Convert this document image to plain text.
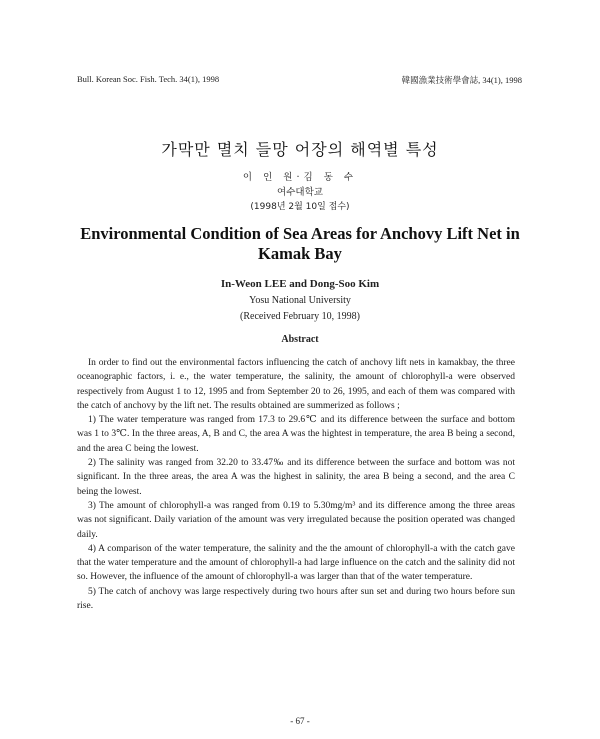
Bull. Korean Soc. Fish. Tech. 34(1), 1998	韓國漁業技術學會誌, 34(1), 1998
가막만 멸치 들망 어장의 해역별 특성
이 인 원·김 동 수
여수대학교
(1998년 2월 10일 접수)
Environmental Condition of Sea Areas for Anchovy Lift Net in Kamak Bay
In-Weon LEE and Dong-Soo Kim
Yosu National University
(Received February 10, 1998)
Abstract

In order to find out the environmental factors influencing the catch of anchovy lift nets in kamakbay, the three oceanographic factors, i. e., the water temperature, the salinity, the amount of chlorophyll-a were observed respectively from August 1 to 12, 1995 and from September 20 to 26, 1995, and each of them was compared with the catch of anchovy by the lift net. The results obtained are summerized as follows ;

1) The water temperature was ranged from 17.3 to 29.6℃ and its difference between the surface and bottom was 1 to 3℃. In the three areas, A, B and C, the area A was the hightest in temperature, the area B being a second, and the area C being the lowest.

2) The salinity was ranged from 32.20 to 33.47‰ and its difference between the surface and bottom was not significant. In the three areas, the area A was the highest in salinity, the area B being a second, and the area C being the lowest.

3) The amount of chlorophyll-a was ranged from 0.19 to 5.30mg/m³ and its difference among the three areas was not significant. Daily variation of the amount was very irregulated because the position operated was changed daily.

4) A comparison of the water temperature, the salinity and the the amount of chlorophyll-a with the catch gave that the water temperature and the amount of chlorophyll-a had large influence on the catch and the salinity did not so. However, the influence of the amount of chlorophyll-a was larger than that of the water temperature.

5) The catch of anchovy was large respectively during two hours after sun set and during two hours before sun rise.

- 67 -
